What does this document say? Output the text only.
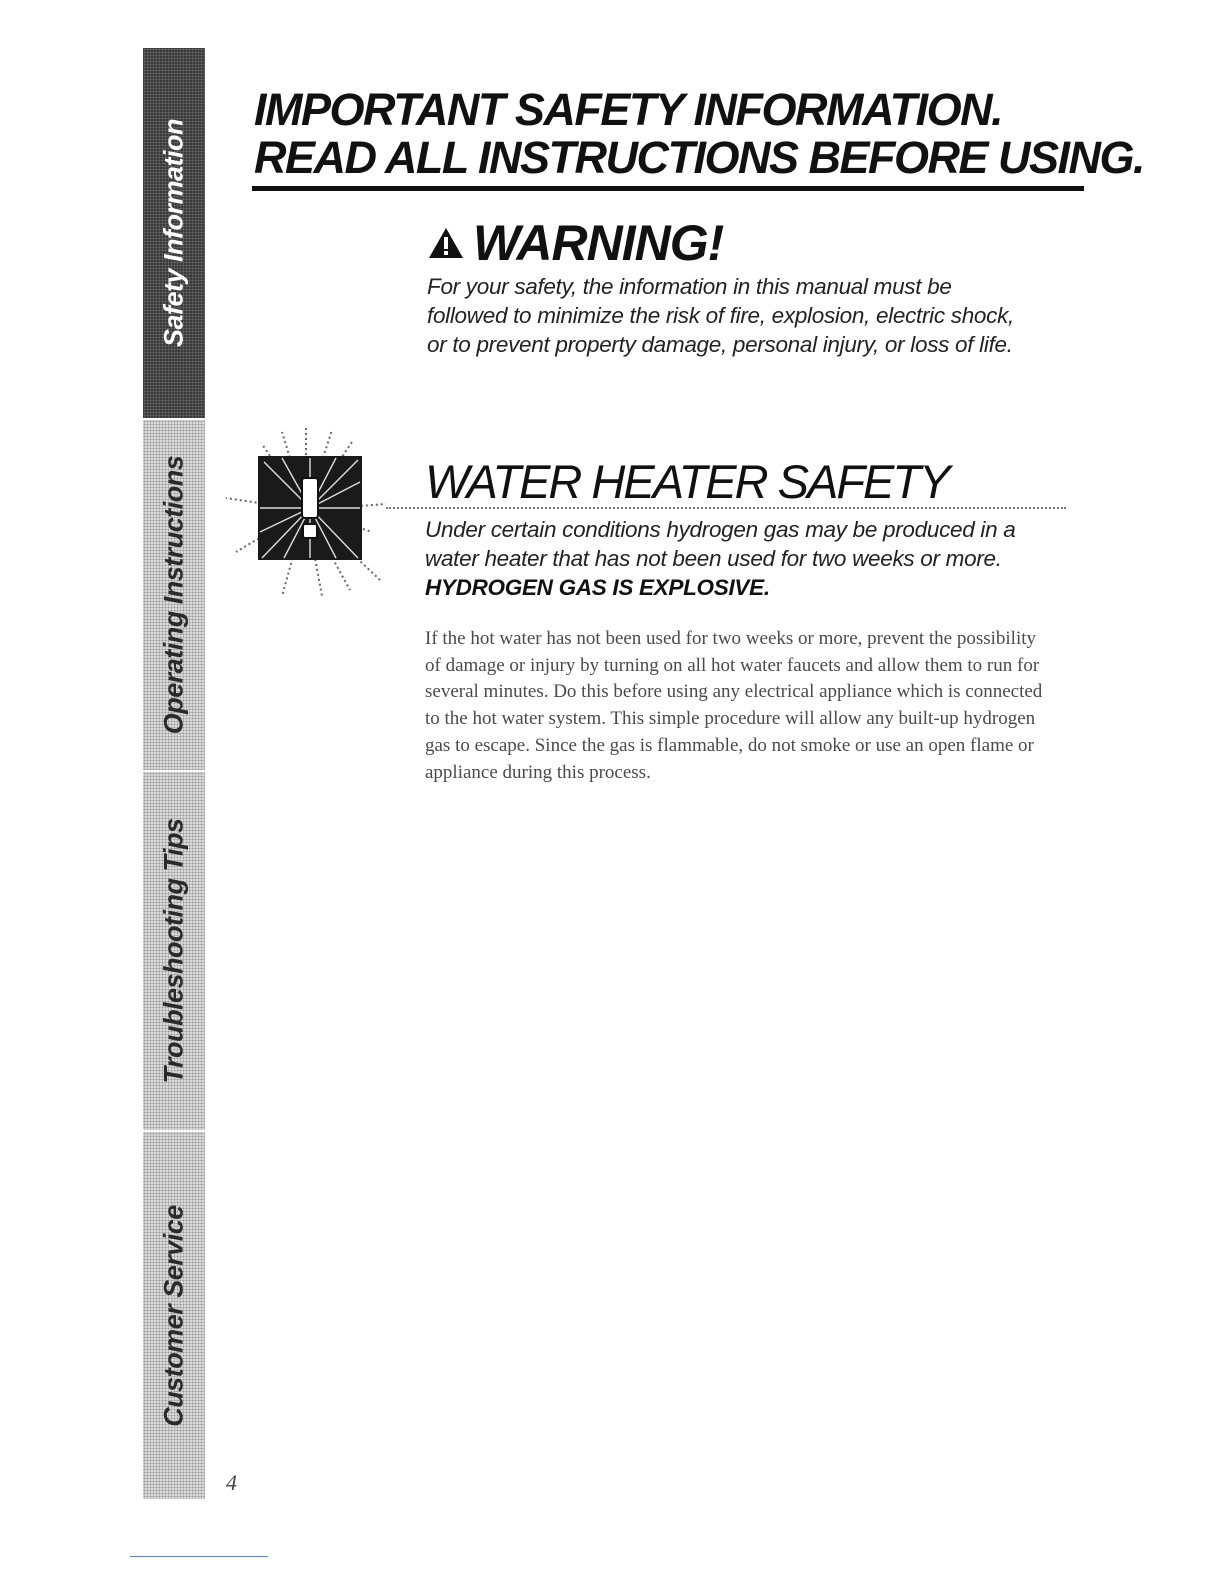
Safety Information
Operating Instructions
Troubleshooting Tips
Customer Service
IMPORTANT SAFETY INFORMATION.
READ ALL INSTRUCTIONS BEFORE USING.
WARNING!

For your safety, the information in this manual must be followed to minimize the risk of fire, explosion, electric shock, or to prevent property damage, personal injury, or loss of life.

WATER HEATER SAFETY

Under certain conditions hydrogen gas may be produced in a water heater that has not been used for two weeks or more. HYDROGEN GAS IS EXPLOSIVE.

If the hot water has not been used for two weeks or more, prevent the possibility of damage or injury by turning on all hot water faucets and allow them to run for several minutes. Do this before using any electrical appliance which is connected to the hot water system. This simple procedure will allow any built-up hydrogen gas to escape. Since the gas is flammable, do not smoke or use an open flame or appliance during this process.

4
